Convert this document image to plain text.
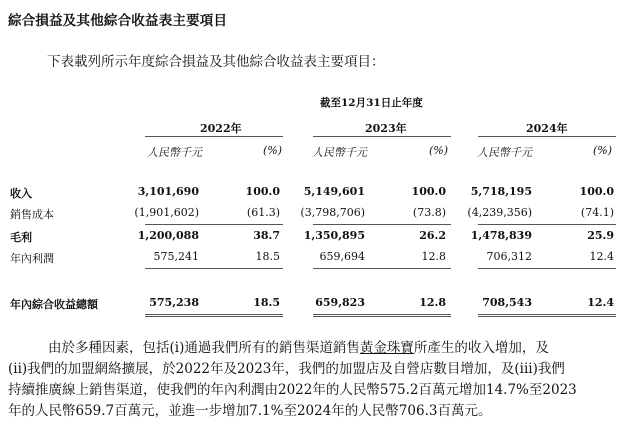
綜合損益及其他綜合收益表主要項目
下表載列所示年度綜合損益及其他綜合收益表主要項目：
截至12月31日止年度
2022年	2023年	2024年
人民幣千元	(%)	人民幣千元	(%)	人民幣千元	(%)
收入	3,101,690	100.0 5,149,601	100.0 5,718,195	100.0
銷售成本	(1,901,602)	(61.3) (3,798,706)	(73.8) (4,239,356)	(74.1)
毛利	1,200,088	38.7 1,350,895	26.2 1,478,839	25.9
年內利潤	575,241	18.5	659,694	12.8	706,312	12.4
年內綜合收益總額	575,238	18.5	659,823	12.8	708,543	12.4
由於多種因素，包括(i)通過我們所有的銷售渠道銷售黃金珠寶所產生的收入增加，及
(ii)我們的加盟網絡擴展，於2022年及2023年，我們的加盟店及自營店數目增加，及(iii)我們
持續推廣線上銷售渠道，使我們的年內利潤由2022年的人民幣575.2百萬元增加14.7%至2023
年的人民幣659.7百萬元，並進一步增加7.1%至2024年的人民幣706.3百萬元。
